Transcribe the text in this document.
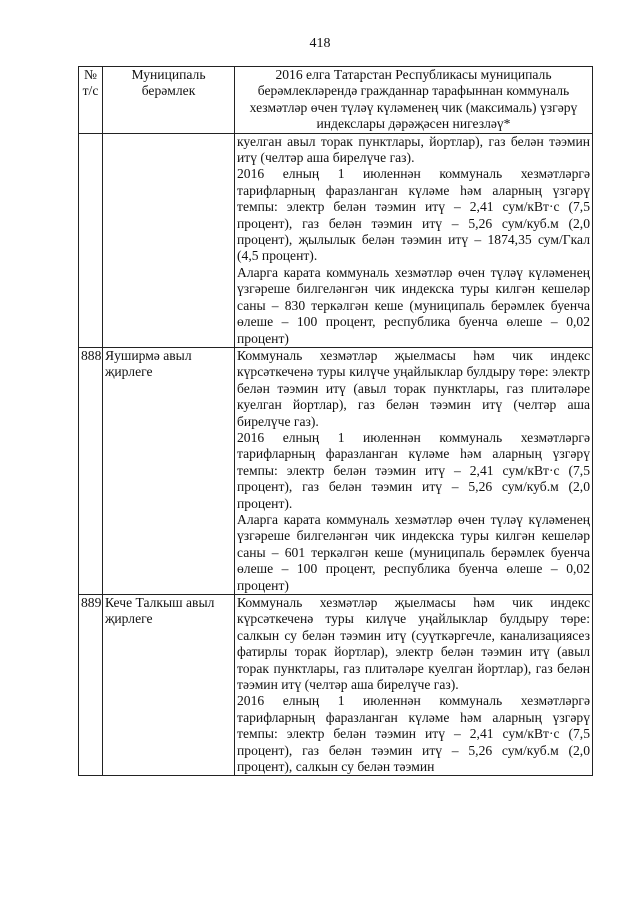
418
№ т/с	Муниципаль берәмлек	2016 елга Татарстан Республикасы муниципаль берәмлекләрендә гражданнар тарафыннан коммуналь хезмәтләр өчен түләү күләменең чик (максималь) үзгәрү индекслары дәрәҗәсен нигезләү*

		куелган авыл торак пунктлары, йортлар), газ белән тәэмин итү (челтәр аша бирелүче газ).

2016 елның 1 июленнән коммуналь хезмәтләргә тарифларның фаразланган күләме һәм аларның үзгәрү темпы: электр белән тәэмин итү – 2,41 сум/кВт·с (7,5 процент), газ белән тәэмин итү – 5,26 сум/куб.м (2,0 процент), җылылык белән тәэмин итү – 1874,35 сум/Гкал (4,5 процент).

Аларга карата коммуналь хезмәтләр өчен түләү күләменең үзгәреше билгеләнгән чик индекска туры килгән кешеләр саны – 830 теркәлгән кеше (муниципаль берәмлек буенча өлеше – 100 процент, республика буенча өлеше – 0,02 процент)

888	Яуширмә авыл җирлеге	Коммуналь хезмәтләр җыелмасы һәм чик индекс күрсәткеченә туры килүче уңайлыклар булдыру төре: электр белән тәэмин итү (авыл торак пунктлары, газ плитәләре куелган йортлар), газ белән тәэмин итү (челтәр аша бирелүче газ).

2016 елның 1 июленнән коммуналь хезмәтләргә тарифларның фаразланган күләме һәм аларның үзгәрү темпы: электр белән тәэмин итү – 2,41 сум/кВт·с (7,5 процент), газ белән тәэмин итү – 5,26 сум/куб.м (2,0 процент).

Аларга карата коммуналь хезмәтләр өчен түләү күләменең үзгәреше билгеләнгән чик индекска туры килгән кешеләр саны – 601 теркәлгән кеше (муниципаль берәмлек буенча өлеше – 100 процент, республика буенча өлеше – 0,02 процент)

889	Кече Талкыш авыл җирлеге	Коммуналь хезмәтләр җыелмасы һәм чик индекс күрсәткеченә туры килүче уңайлыклар булдыру төре: салкын су белән тәэмин итү (суүткәргечле, канализациясез фатирлы торак йортлар), электр белән тәэмин итү (авыл торак пунктлары, газ плитәләре куелган йортлар), газ белән тәэмин итү (челтәр аша бирелүче газ).

2016 елның 1 июленнән коммуналь хезмәтләргә тарифларның фаразланган күләме һәм аларның үзгәрү темпы: электр белән тәэмин итү – 2,41 сум/кВт·с (7,5 процент), газ белән тәэмин итү – 5,26 сум/куб.м (2,0 процент), салкын су белән тәэмин
